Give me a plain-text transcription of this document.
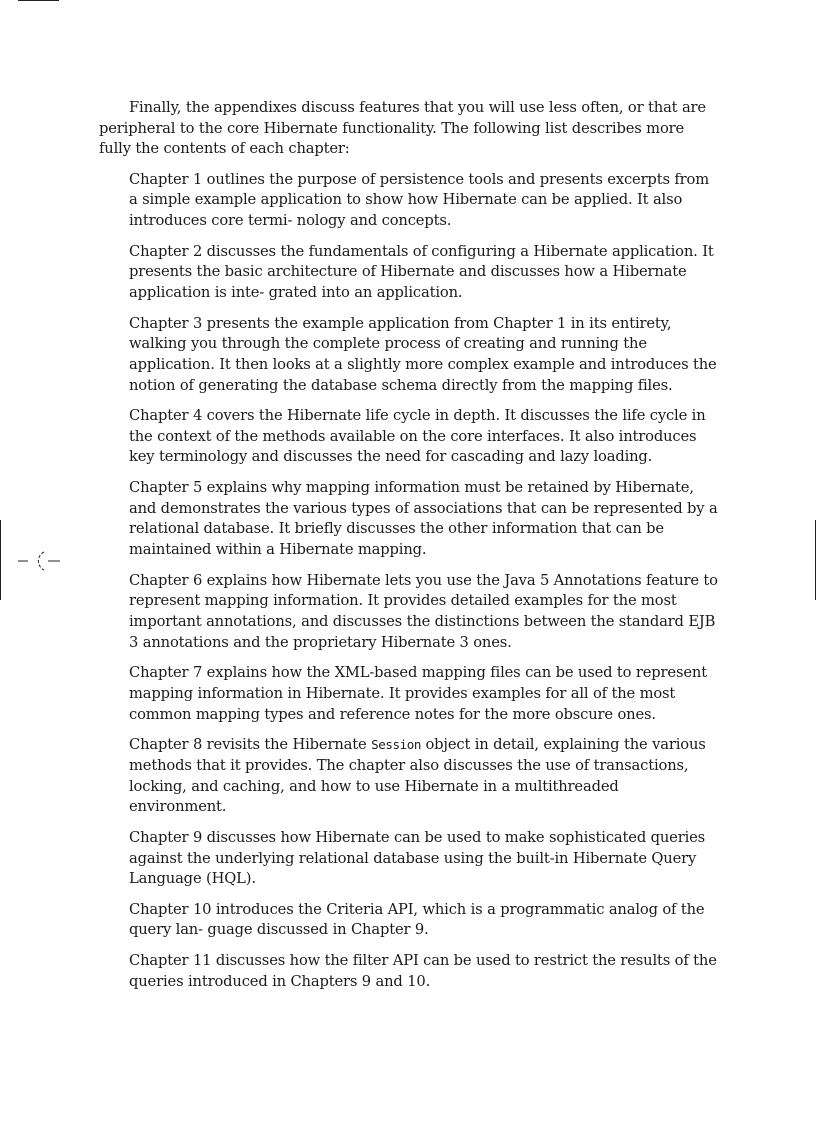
Finally, the appendixes discuss features that you will use less often, or that are peripheral to the core Hibernate functionality. The following list describes more fully the contents of each chapter:

Chapter 1 outlines the purpose of persistence tools and presents excerpts from a simple example application to show how Hibernate can be applied. It also introduces core termi- nology and concepts.
Chapter 2 discusses the fundamentals of configuring a Hibernate application. It presents the basic architecture of Hibernate and discusses how a Hibernate application is inte- grated into an application.
Chapter 3 presents the example application from Chapter 1 in its entirety, walking you through the complete process of creating and running the application. It then looks at a slightly more complex example and introduces the notion of generating the database schema directly from the mapping files.
Chapter 4 covers the Hibernate life cycle in depth. It discusses the life cycle in the context of the methods available on the core interfaces. It also introduces key terminology and discusses the need for cascading and lazy loading.
Chapter 5 explains why mapping information must be retained by Hibernate, and demonstrates the various types of associations that can be represented by a relational database. It briefly discusses the other information that can be maintained within a Hibernate mapping.
Chapter 6 explains how Hibernate lets you use the Java 5 Annotations feature to represent mapping information. It provides detailed examples for the most important annotations, and discusses the distinctions between the standard EJB 3 annotations and the proprietary Hibernate 3 ones.
Chapter 7 explains how the XML-based mapping files can be used to represent mapping information in Hibernate. It provides examples for all of the most common mapping types and reference notes for the more obscure ones.
Chapter 8 revisits the Hibernate Session object in detail, explaining the various methods that it provides. The chapter also discusses the use of transactions, locking, and caching, and how to use Hibernate in a multithreaded environment.
Chapter 9 discusses how Hibernate can be used to make sophisticated queries against the underlying relational database using the built-in Hibernate Query Language (HQL).
Chapter 10 introduces the Criteria API, which is a programmatic analog of the query lan- guage discussed in Chapter 9.
Chapter 11 discusses how the filter API can be used to restrict the results of the queries introduced in Chapters 9 and 10.
